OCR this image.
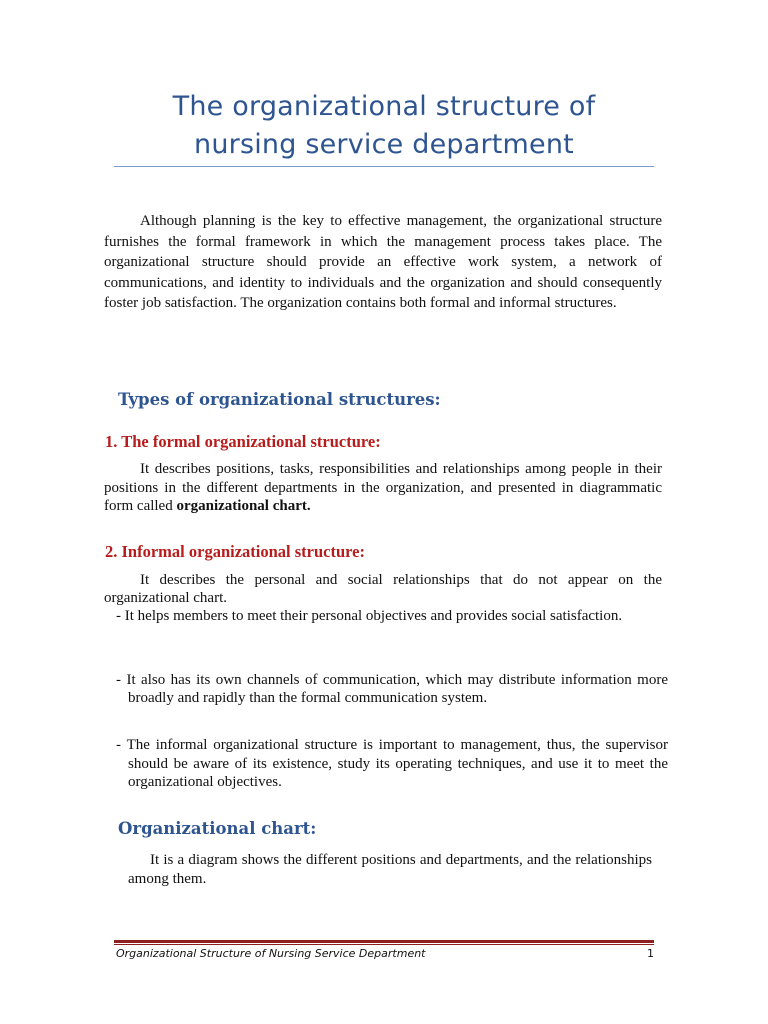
The organizational structure of
nursing service department

Although planning is the key to effective management, the organizational structure furnishes the formal framework in which the management process takes place. The organizational structure should provide an effective work system, a network of communications, and identity to individuals and the organization and should consequently foster job satisfaction. The organization contains both formal and informal structures.

Types of organizational structures:
1. The formal organizational structure:

It describes positions, tasks, responsibilities and relationships among people in their positions in the different departments in the organization, and presented in diagrammatic form called organizational chart.

2. Informal organizational structure:

It describes the personal and social relationships that do not appear on the organizational chart.

- It helps members to meet their personal objectives and provides social satisfaction.

- It also has its own channels of communication, which may distribute information more broadly and rapidly than the formal communication system.

- The informal organizational structure is important to management, thus, the supervisor should be aware of its existence, study its operating techniques, and use it to meet the organizational objectives.

Organizational chart:

It is a diagram shows the different positions and departments, and the relationships among them.

Organizational Structure of Nursing Service Department	1
